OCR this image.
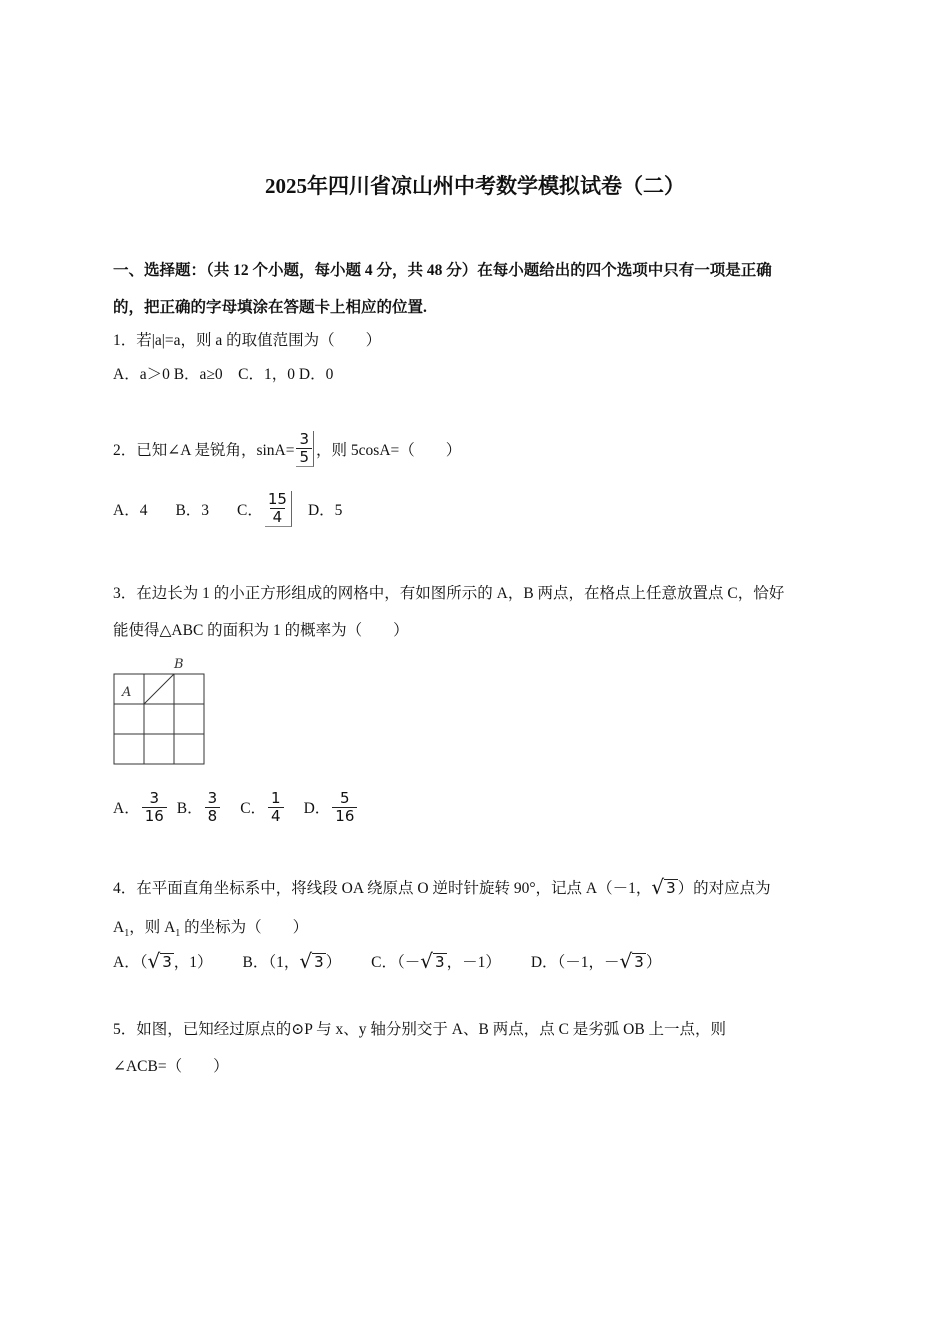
2025年四川省凉山州中考数学模拟试卷（二）
一、选择题：（共 12 个小题，每小题 4 分，共 48 分）在每小题给出的四个选项中只有一项是正确
的，把正确的字母填涂在答题卡上相应的位置.
1．若|a|=a，则 a 的取值范围为（　　）
A．a＞0 B．a≥0　C．1，0 D．0
2．已知∠A 是锐角，$\sin A= \frac{3}{5}$ ，则 5cosA=（　　）
A．4 B．3 C． $\frac{15}{4}$ D．5
3．在边长为 1 的小正方形组成的网格中，有如图所示的 A，B 两点，在格点上任意放置点 C，恰好
能使得△ABC 的面积为 1 的概率为（　　）
A
B
A． $\frac{3}{16}$ B． $\frac{3}{8}$ C． $\frac{1}{4}$ D． $\frac{5}{16}$
4．在平面直角坐标系中，将线段 OA 绕原点 O 逆时针旋转 90°，记点 A（－1， √ 3 ）的对应点为
$A_1$，则 $A_1$ 的坐标为（　　）
A．（ √ 3 ，1） B．（1， √ 3 ） C．（－ √ 3 ，－1） D．（－1，－ √ 3 ）
5．如图，已知经过原点的⊙P 与 x、y 轴分别交于 A、B 两点，点 C 是劣弧 OB 上一点，则
∠ACB=（　　）
